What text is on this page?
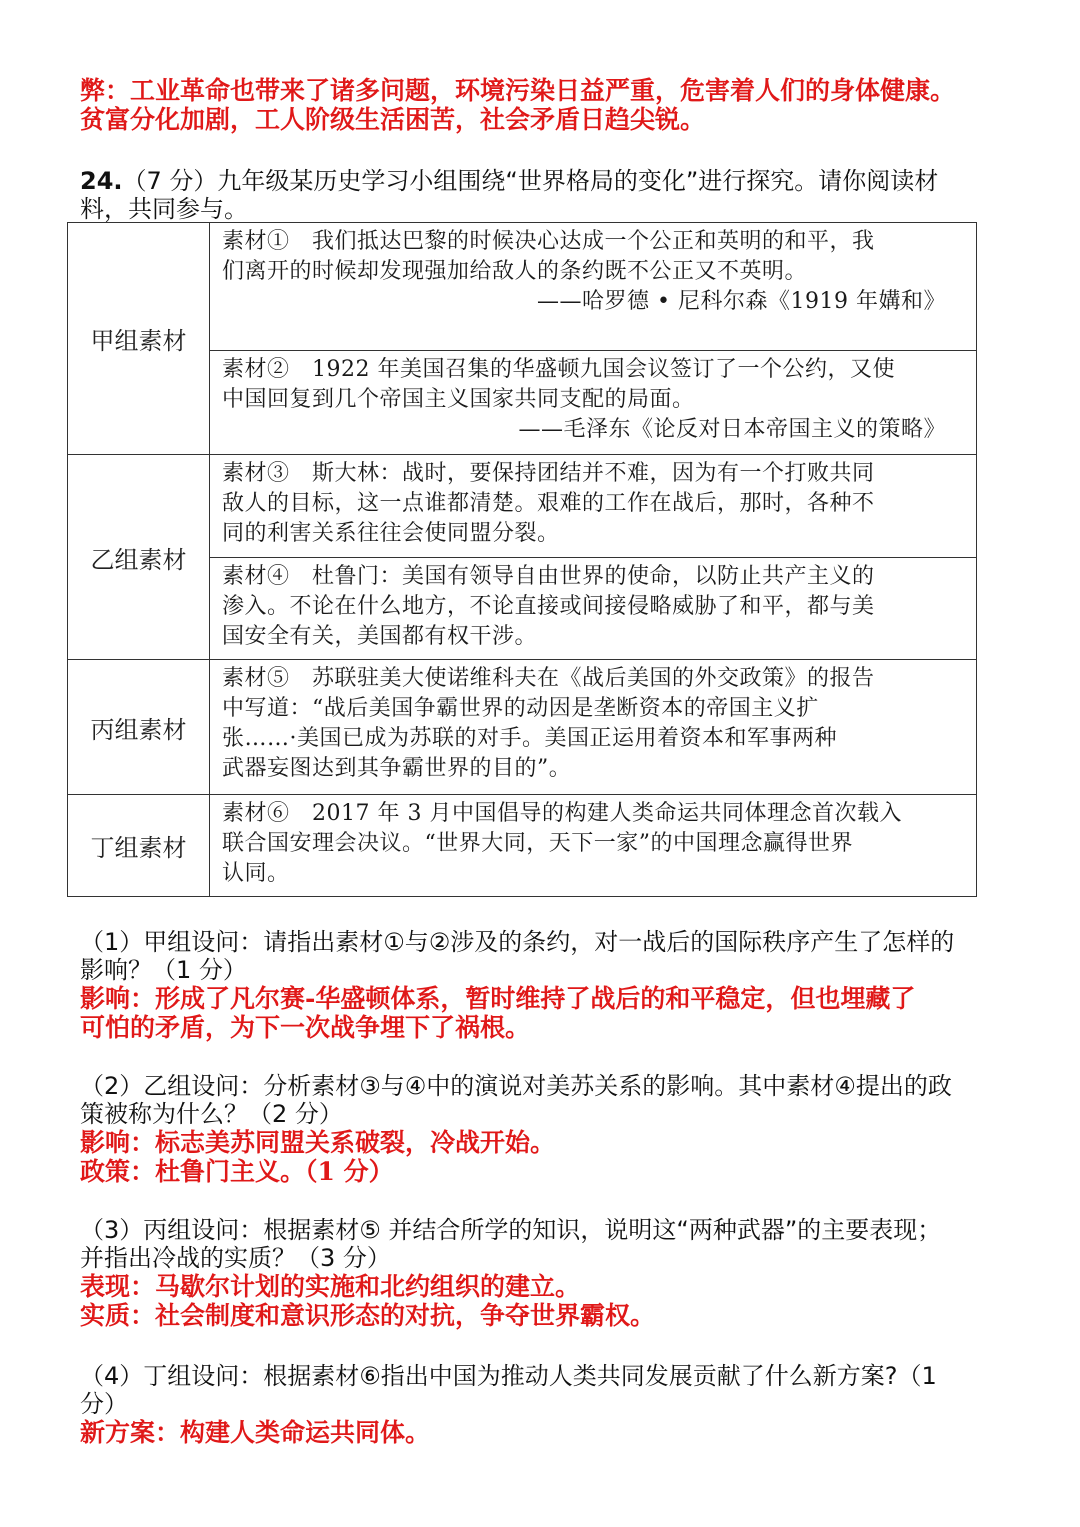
弊：工业革命也带来了诸多问题，环境污染日益严重，危害着人们的身体健康。
贫富分化加剧，工人阶级生活困苦，社会矛盾日趋尖锐。
24.（7 分）九年级某历史学习小组围绕“世界格局的变化”进行探究。请你阅读材
料，共同参与。
甲组素材	素材①　我们抵达巴黎的时候决心达成一个公正和英明的和平，我
们离开的时候却发现强加给敌人的条约既不公正又不英明。
——哈罗德 • 尼科尔森《1919 年媾和》

	素材②　1922 年美国召集的华盛顿九国会议签订了一个公约，又使
中国回复到几个帝国主义国家共同支配的局面。
——毛泽东《论反对日本帝国主义的策略》

乙组素材	素材③　斯大林：战时，要保持团结并不难，因为有一个打败共同
敌人的目标，这一点谁都清楚。艰难的工作在战后，那时，各种不
同的利害关系往往会使同盟分裂。

	素材④　杜鲁门：美国有领导自由世界的使命，以防止共产主义的
渗入。不论在什么地方，不论直接或间接侵略威胁了和平，都与美
国安全有关，美国都有权干涉。

丙组素材	素材⑤　苏联驻美大使诺维科夫在《战后美国的外交政策》的报告
中写道：“战后美国争霸世界的动因是垄断资本的帝国主义扩
张……·美国已成为苏联的对手。美国正运用着资本和军事两种
武器妄图达到其争霸世界的目的”。

丁组素材	素材⑥　2017 年 3 月中国倡导的构建人类命运共同体理念首次载入
联合国安理会决议。“世界大同，天下一家”的中国理念赢得世界
认同。
（1）甲组设问：请指出素材①与②涉及的条约，对一战后的国际秩序产生了怎样的
影响？（1 分）
影响：形成了凡尔赛-华盛顿体系，暂时维持了战后的和平稳定，但也埋藏了
可怕的矛盾，为下一次战争埋下了祸根。
（2）乙组设问：分析素材③与④中的演说对美苏关系的影响。其中素材④提出的政
策被称为什么？（2 分）
影响：标志美苏同盟关系破裂，冷战开始。
政策：杜鲁门主义。（1 分）
（3）丙组设问：根据素材⑤ 并结合所学的知识，说明这“两种武器”的主要表现；
并指出冷战的实质？（3 分）
表现：马歇尔计划的实施和北约组织的建立。
实质：社会制度和意识形态的对抗，争夺世界霸权。
（4）丁组设问：根据素材⑥指出中国为推动人类共同发展贡献了什么新方案?（1
分）
新方案：构建人类命运共同体。
